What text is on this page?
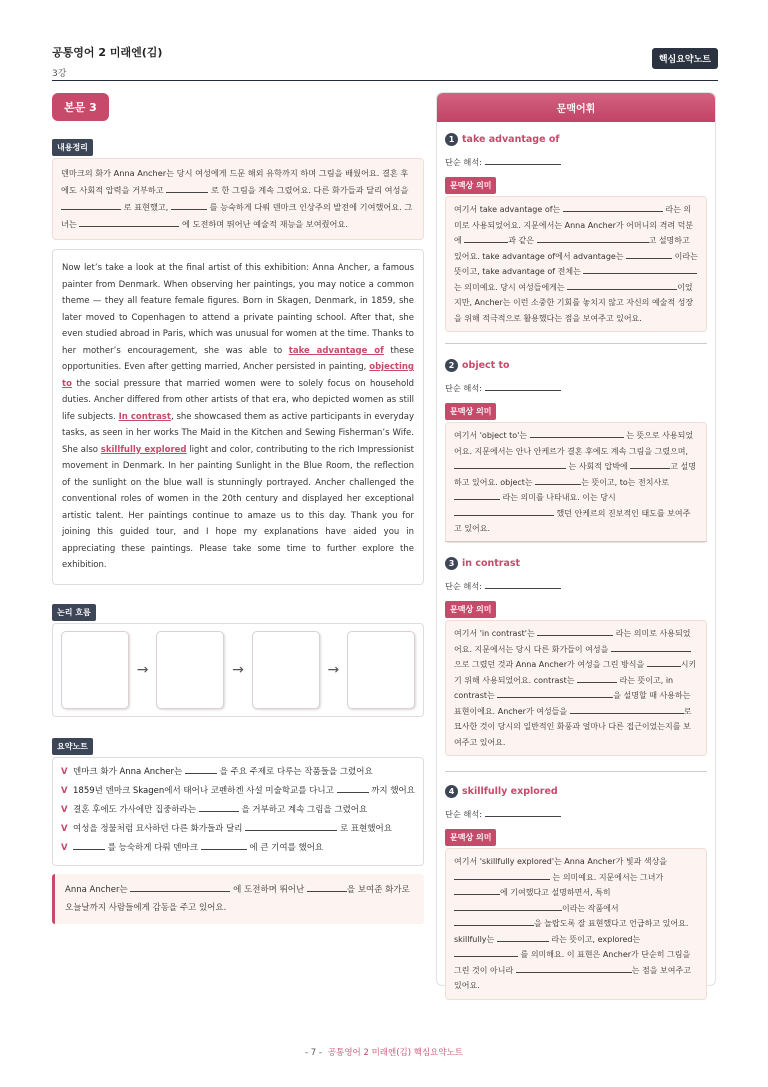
공통영어 2 미래엔(김)
3강
핵심요약노트
본문 3
내용정리
덴마크의 화가 Anna Ancher는 당시 여성에게 드문 해외 유학까지 하며 그림을 배웠어요. 결혼 후에도 사회적 압력을 거부하고	로 한 그림을 계속 그렸어요. 다른 화가들과 달리 여성을  로 표현했고,	를 능숙하게 다뤄 덴마크 인상주의 발전에 기여했어요. 그녀는	에 도전하며 뛰어난 예술적 재능을 보여줬어요.
Now let’s take a look at the final artist of this exhibition: Anna Ancher, a famous painter from Denmark. When observing her paintings, you may notice a common theme — they all feature female figures. Born in Skagen, Denmark, in 1859, she later moved to Copenhagen to attend a private painting school. After that, she even studied abroad in Paris, which was unusual for women at the time. Thanks to her mother’s encouragement, she was able to take advantage of these opportunities. Even after getting married, Ancher persisted in painting, objecting to the social pressure that married women were to solely focus on household duties. Ancher differed from other artists of that era, who depicted women as still life subjects. In contrast, she showcased them as active participants in everyday tasks, as seen in her works The Maid in the Kitchen and Sewing Fisherman’s Wife. She also skillfully explored light and color, contributing to the rich Impressionist movement in Denmark. In her painting Sunlight in the Blue Room, the reflection of the sunlight on the blue wall is stunningly portrayed. Ancher challenged the conventional roles of women in the 20th century and displayed her exceptional artistic talent. Her paintings continue to amaze us to this day. Thank you for joining this guided tour, and I hope my explanations have aided you in appreciating these paintings. Please take some time to further explore the exhibition.
논리 흐름
→	→	→
요약노트
V 덴마크 화가 Anna Ancher는	을 주요 주제로 다루는 작품들을 그렸어요
V 1859년 덴마크 Skagen에서 태어나 코펜하겐 사설 미술학교를 다니고	까지 했어요
V 결혼 후에도 가사에만 집중하라는	을 거부하고 계속 그림을 그렸어요
V 여성을 정물처럼 묘사하던 다른 화가들과 달리	로 표현했어요
V	를 능숙하게 다뤄 덴마크	에 큰 기여를 했어요
Anna Ancher는	에 도전하며 뛰어난	을 보여준 화가로 오늘날까지 사람들에게 감동을 주고 있어요.
문맥어휘
1 take advantage of
단순 해석:
문맥상 의미
여기서 take advantage of는	라는 의미로 사용되었어요. 지문에서는 Anna Ancher가 어머니의 격려 덕분에	과 같은	고 설명하고 있어요. take advantage of에서 advantage는	이라는 뜻이고, take advantage of 전체는  는 의미예요. 당시 여성들에게는	이었지만, Ancher는 이런 소중한 기회를 놓치지 않고 자신의 예술적 성장을 위해 적극적으로 활용했다는 점을 보여주고 있어요.
2 object to
단순 해석:
문맥상 의미
여기서 'object to'는	는 뜻으로 사용되었어요. 지문에서는 안나 안케르가 결혼 후에도 계속 그림을 그렸으며,  는 사회적 압박에	고 설명하고 있어요. object는	는 뜻이고, to는 전치사로  라는 의미를 나타내요. 이는 당시  했던 안케르의 진보적인 태도를 보여주고 있어요.
3 in contrast
단순 해석:
문맥상 의미
여기서 'in contrast'는	라는 의미로 사용되었어요. 지문에서는 당시 다른 화가들이 여성을 으로 그렸던 것과 Anna Ancher가 여성을 그린 방식을	시키기 위해 사용되었어요. contrast는	라는 뜻이고, in contrast는	을 설명할 때 사용하는 표현이에요. Ancher가 여성들을	로 묘사한 것이 당시의 일반적인 화풍과 얼마나 다른 접근이었는지를 보여주고 있어요.
4 skillfully explored
단순 해석:
문맥상 의미
여기서 'skillfully explored'는 Anna Ancher가 빛과 색상을  는 의미예요. 지문에서는 그녀가 에 기여했다고 설명하면서, 특히 이라는 작품에서 을 놀랍도록 잘 표현했다고 언급하고 있어요. skillfully는	라는 뜻이고, explored는  를 의미해요. 이 표현은 Ancher가 단순히 그림을 그린 것이 아니라	는 점을 보여주고 있어요.
- 7 - 공통영어 2 미래엔(김) 핵심요약노트
